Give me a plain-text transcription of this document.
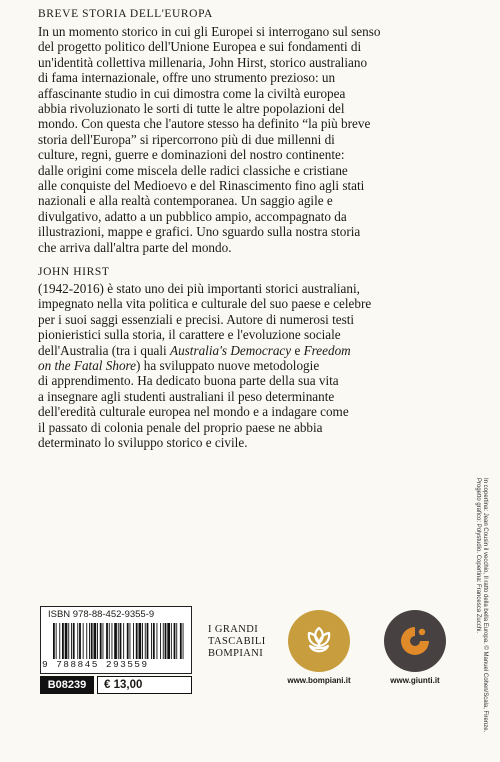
BREVE STORIA DELL'EUROPA
In un momento storico in cui gli Europei si interrogano sul senso
del progetto politico dell'Unione Europea e sui fondamenti di
un'identità collettiva millenaria, John Hirst, storico australiano
di fama internazionale, offre uno strumento prezioso: un
affascinante studio in cui dimostra come la civiltà europea
abbia rivoluzionato le sorti di tutte le altre popolazioni del
mondo. Con questa che l'autore stesso ha definito “la più breve
storia dell'Europa” si ripercorrono più di due millenni di
culture, regni, guerre e dominazioni del nostro continente:
dalle origini come miscela delle radici classiche e cristiane
alle conquiste del Medioevo e del Rinascimento fino agli stati
nazionali e alla realtà contemporanea. Un saggio agile e
divulgativo, adatto a un pubblico ampio, accompagnato da
illustrazioni, mappe e grafici. Uno sguardo sulla nostra storia
che arriva dall'altra parte del mondo.
JOHN HIRST
(1942-2016) è stato uno dei più importanti storici australiani,
impegnato nella vita politica e culturale del suo paese e celebre
per i suoi saggi essenziali e precisi. Autore di numerosi testi
pionieristici sulla storia, il carattere e l'evoluzione sociale
dell'Australia (tra i quali Australia's Democracy e Freedom
on the Fatal Shore) ha sviluppato nuove metodologie
di apprendimento. Ha dedicato buona parte della sua vita
a insegnare agli studenti australiani il peso determinante
dell'eredità culturale europea nel mondo e a indagare come
il passato di colonia penale del proprio paese ne abbia
determinato lo sviluppo storico e civile.
In copertina: Jean Cousin il vecchio, Il ratto della bella Europa. © Manuel Cohen/Scala, Firenze.
Progetto grafico: Polystudio. Copertina: Francesca Zucchi.
ISBN 978-88-452-9355-9
9 788845 293559
B08239	€ 13,00
I GRANDI
TASCABILI
BOMPIANI
www.bompiani.it	www.giunti.it
